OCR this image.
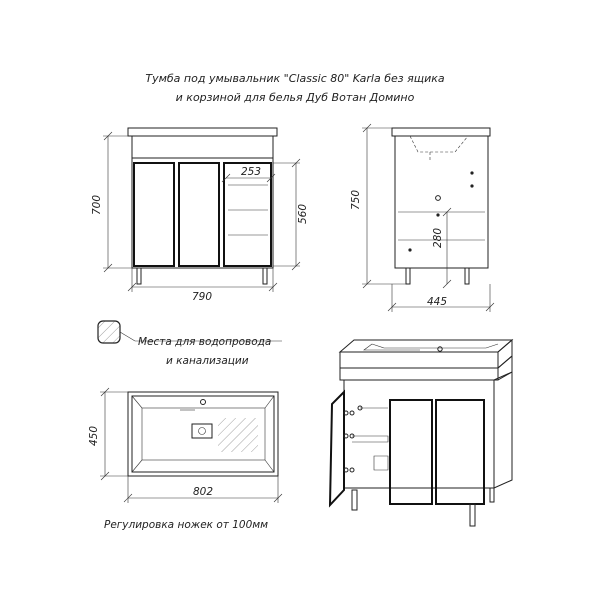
Тумба под умывальник "Classic 80" Karla без ящика
и корзиной для белья Дуб Вотан Домино
700
790
560
253
750
280
445
Места для водопровода
и канализации
450
802
Регулировка ножек от 100мм
